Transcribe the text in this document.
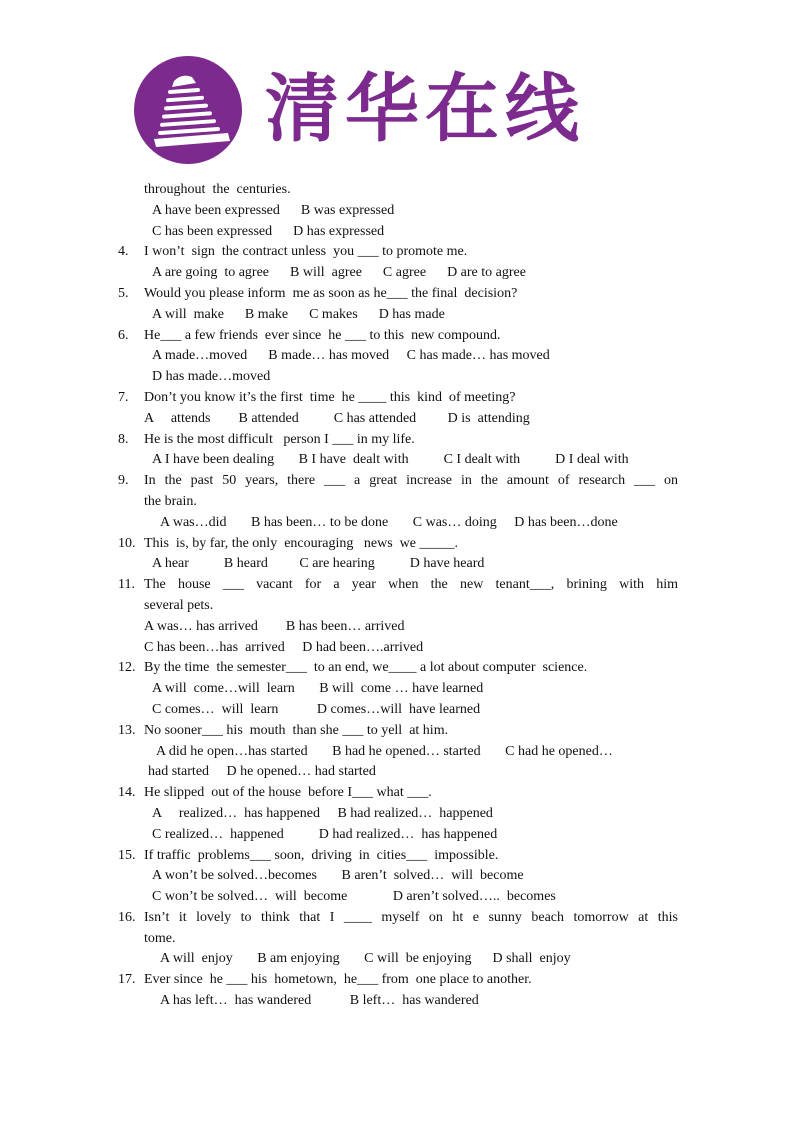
清华在线
throughout  the  centuries.
A have been expressed      B was expressed
C has been expressed      D has expressed
4.	I won’t  sign  the contract unless  you ___ to promote me.
A are going  to agree      B will  agree      C agree      D are to agree
5.	Would you please inform  me as soon as he___ the final  decision?
A will  make      B make      C makes      D has made
6.	He___ a few friends  ever since  he ___ to this  new compound.
A made…moved      B made… has moved     C has made… has moved
D has made…moved
7.	Don’t you know it’s the first  time  he ____ this  kind  of meeting?
A     attends        B attended          C has attended         D is  attending
8.	He is the most difficult   person I ___ in my life.
A I have been dealing       B I have  dealt with          C I dealt with          D I deal with
9.	In the past 50 years, there ___ a great increase in the amount of research ___ on
the brain.
A was…did       B has been… to be done       C was… doing     D has been…done
10. This  is, by far, the only  encouraging   news  we _____.
A hear          B heard         C are hearing          D have heard
11. The house ___ vacant for a year when the new tenant___, brining with him
several pets.
A was… has arrived        B has been… arrived
C has been…has  arrived     D had been….arrived
12. By the time  the semester___  to an end, we____ a lot about computer  science.
A will  come…will  learn       B will  come … have learned
C comes…  will  learn           D comes…will  have learned
13. No sooner___ his  mouth  than she ___ to yell  at him.
A did he open…has started       B had he opened… started       C had he opened…
had started     D he opened… had started
14. He slipped  out of the house  before I___ what ___.
A     realized…  has happened     B had realized…  happened
C realized…  happened          D had realized…  has happened
15. If traffic  problems___ soon,  driving  in  cities___  impossible.
A won’t be solved…becomes       B aren’t  solved…  will  become
C won’t be solved…  will  become             D aren’t solved…..  becomes
16. Isn’t it lovely to think that I ____ myself on ht e sunny beach tomorrow at this
tome.
A will  enjoy       B am enjoying       C will  be enjoying      D shall  enjoy
17. Ever since  he ___ his  hometown,  he___ from  one place to another.
A has left…  has wandered           B left…  has wandered
